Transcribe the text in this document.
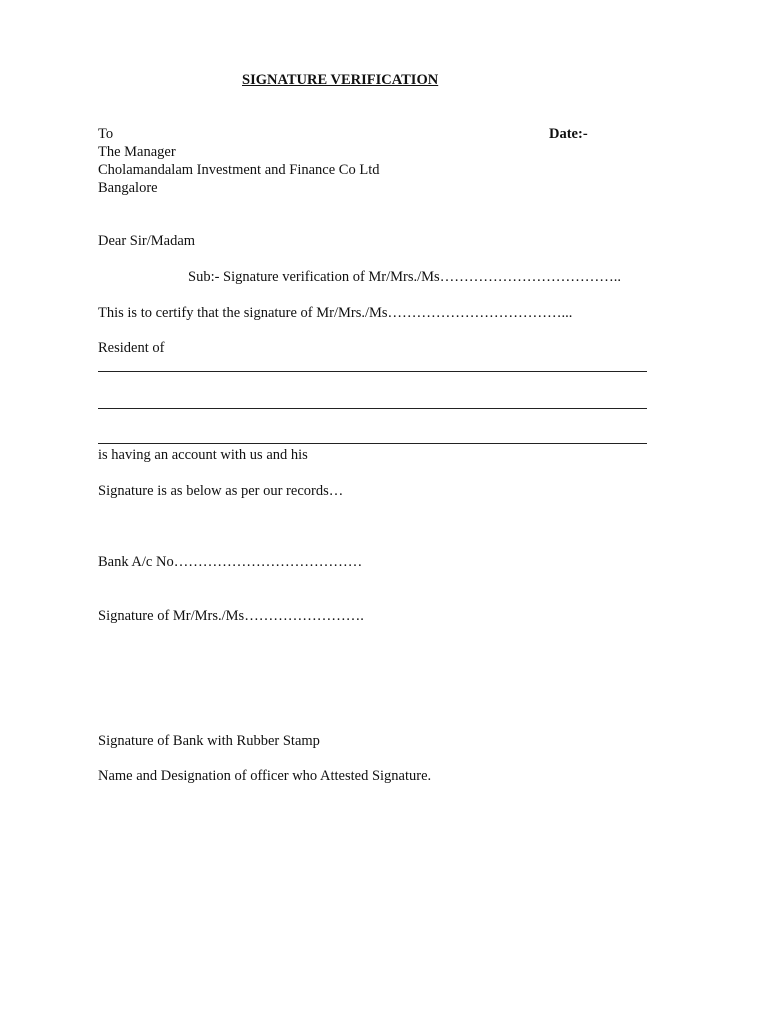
SIGNATURE VERIFICATION
To	Date:-
The Manager
Cholamandalam Investment and Finance Co Ltd
Bangalore
Dear Sir/Madam
Sub:- Signature verification of Mr/Mrs./Ms………………………………..
This is to certify that the signature of Mr/Mrs./Ms………………………………...
Resident of
is having an account with us and his
Signature is as below as per our records…
Bank A/c No…………………………………
Signature of Mr/Mrs./Ms…………………….
Signature of Bank with Rubber Stamp
Name and Designation of officer who Attested Signature.
